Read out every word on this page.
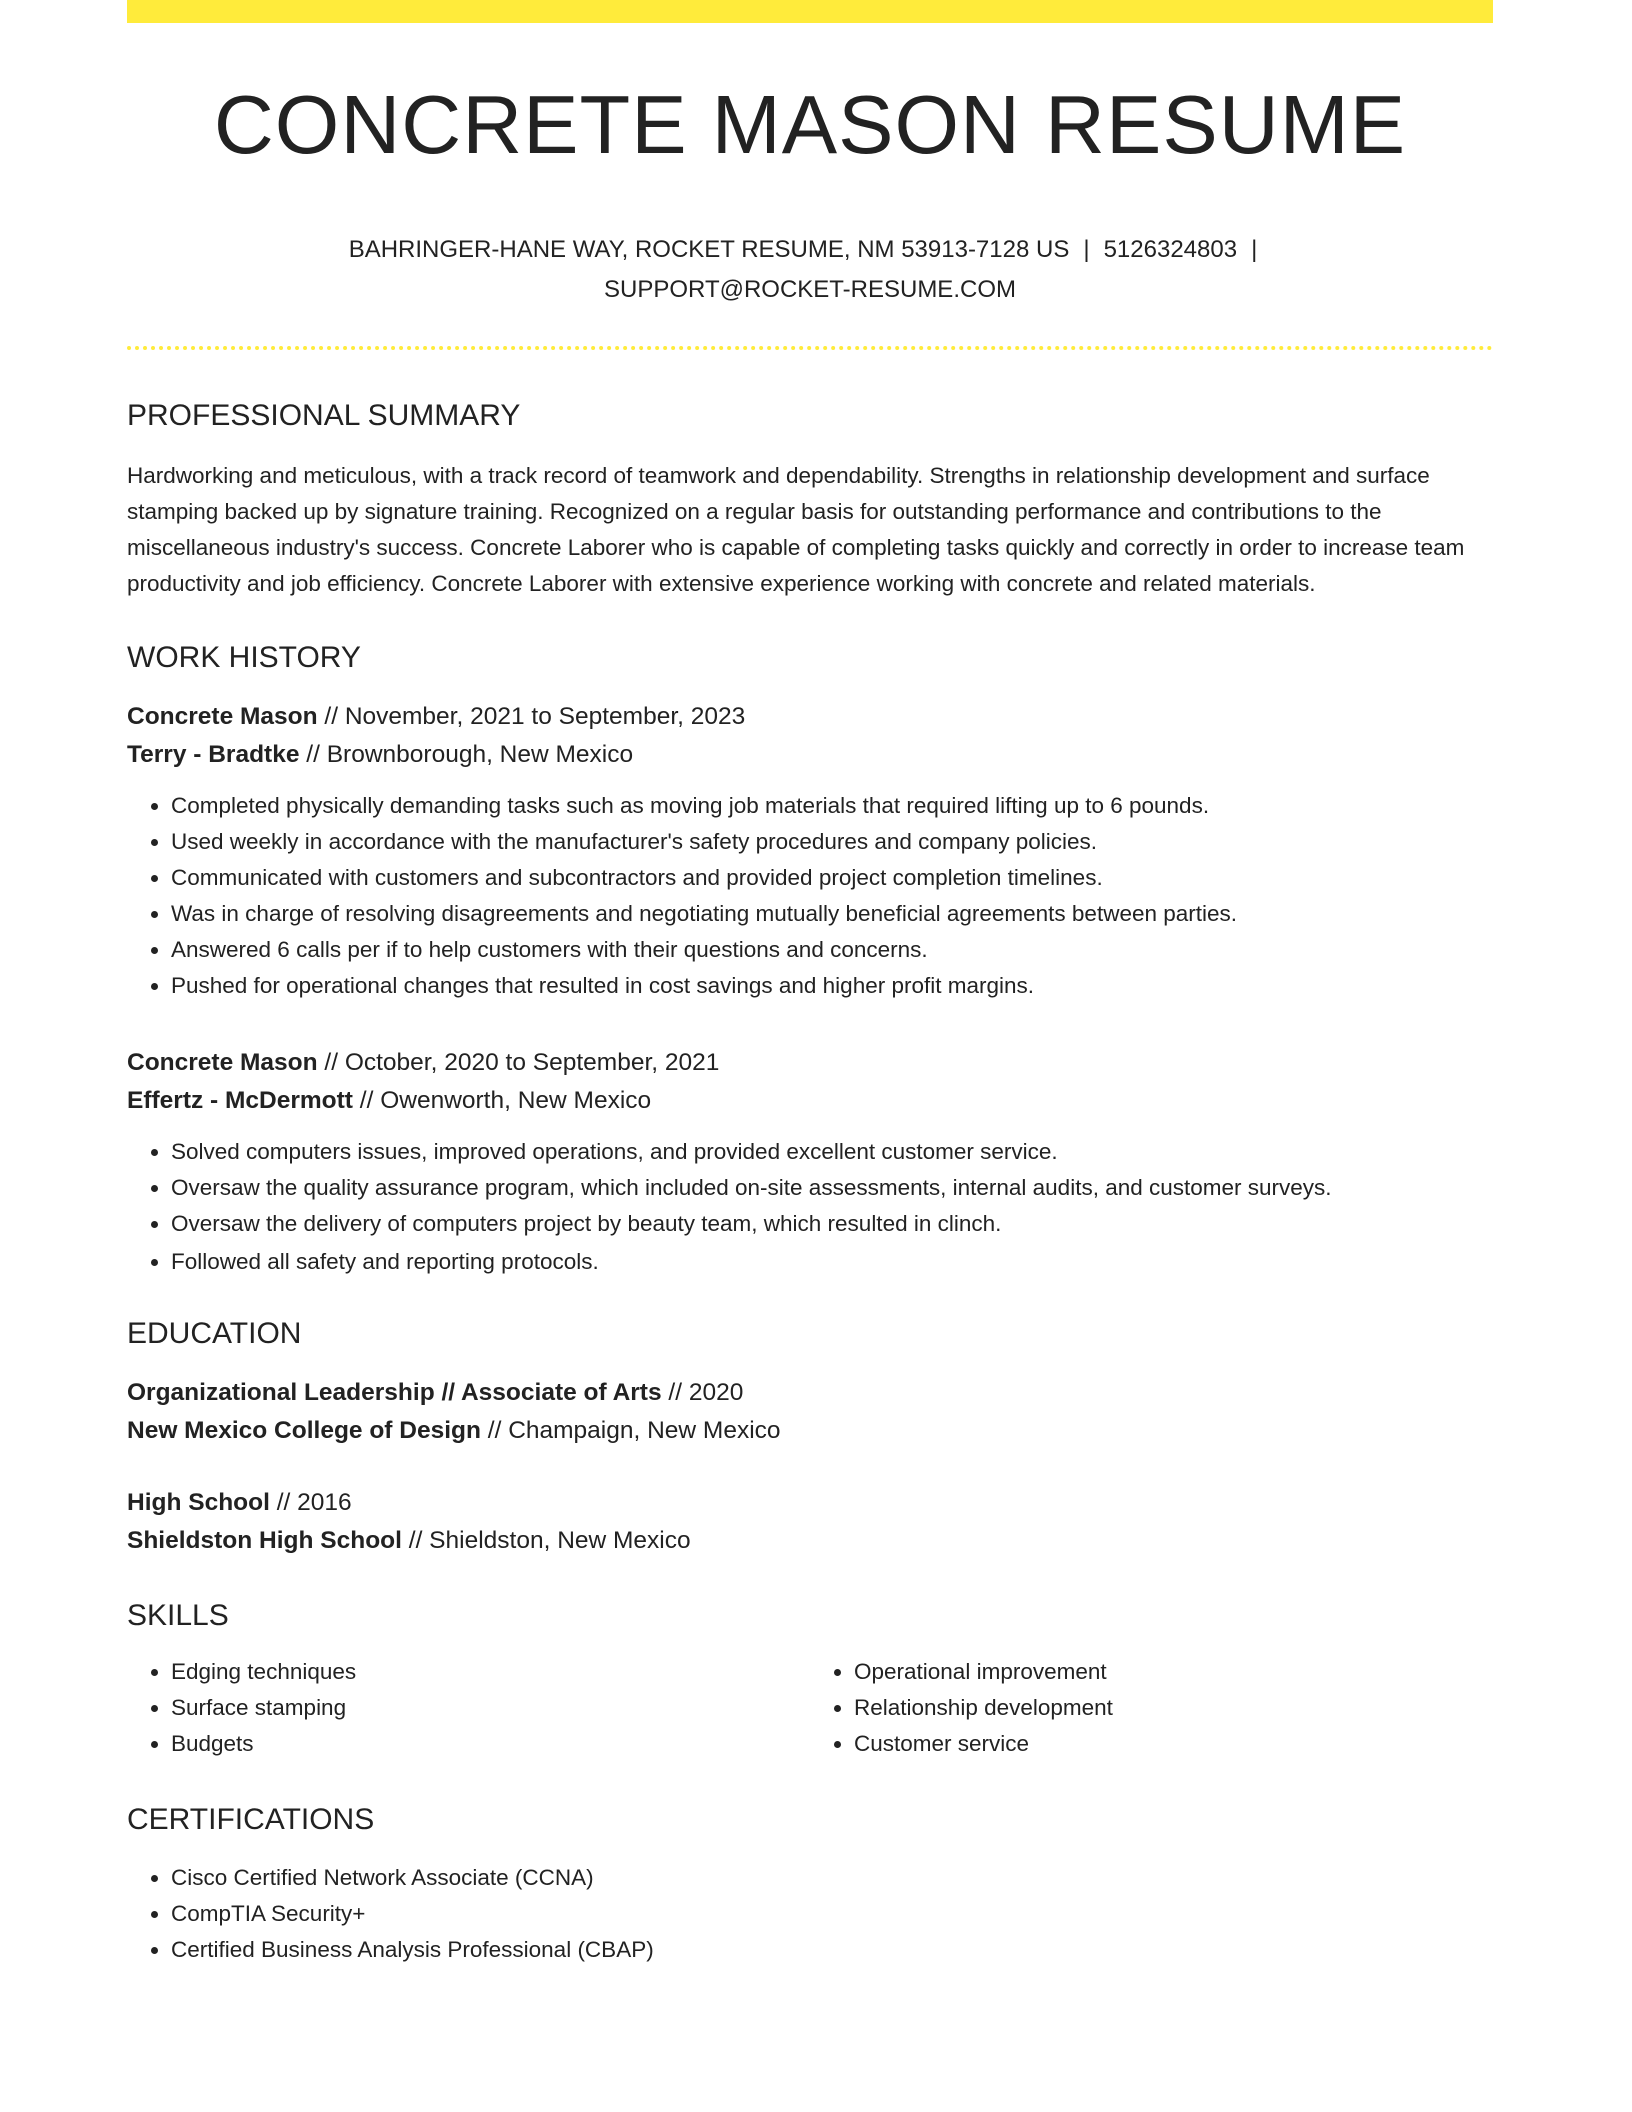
CONCRETE MASON RESUME
BAHRINGER-HANE WAY, ROCKET RESUME, NM 53913-7128 US | 5126324803 |
SUPPORT@ROCKET-RESUME.COM
PROFESSIONAL SUMMARY

Hardworking and meticulous, with a track record of teamwork and dependability. Strengths in relationship development and surface stamping backed up by signature training. Recognized on a regular basis for outstanding performance and contributions to the miscellaneous industry's success. Concrete Laborer who is capable of completing tasks quickly and correctly in order to increase team productivity and job efficiency. Concrete Laborer with extensive experience working with concrete and related materials.

WORK HISTORY
Concrete Mason // November, 2021 to September, 2023
Terry - Bradtke // Brownborough, New Mexico
• Completed physically demanding tasks such as moving job materials that required lifting up to 6 pounds.
• Used weekly in accordance with the manufacturer's safety procedures and company policies.
• Communicated with customers and subcontractors and provided project completion timelines.
• Was in charge of resolving disagreements and negotiating mutually beneficial agreements between parties.
• Answered 6 calls per if to help customers with their questions and concerns.
• Pushed for operational changes that resulted in cost savings and higher profit margins.
Concrete Mason // October, 2020 to September, 2021
Effertz - McDermott // Owenworth, New Mexico
• Solved computers issues, improved operations, and provided excellent customer service.
• Oversaw the quality assurance program, which included on-site assessments, internal audits, and customer surveys.
• Oversaw the delivery of computers project by beauty team, which resulted in clinch.
• Followed all safety and reporting protocols.
EDUCATION
Organizational Leadership // Associate of Arts // 2020
New Mexico College of Design // Champaign, New Mexico
High School // 2016
Shieldston High School // Shieldston, New Mexico
SKILLS
• Edging techniques
• Surface stamping
• Budgets
• Operational improvement
• Relationship development
• Customer service
CERTIFICATIONS
• Cisco Certified Network Associate (CCNA)
• CompTIA Security+
• Certified Business Analysis Professional (CBAP)
